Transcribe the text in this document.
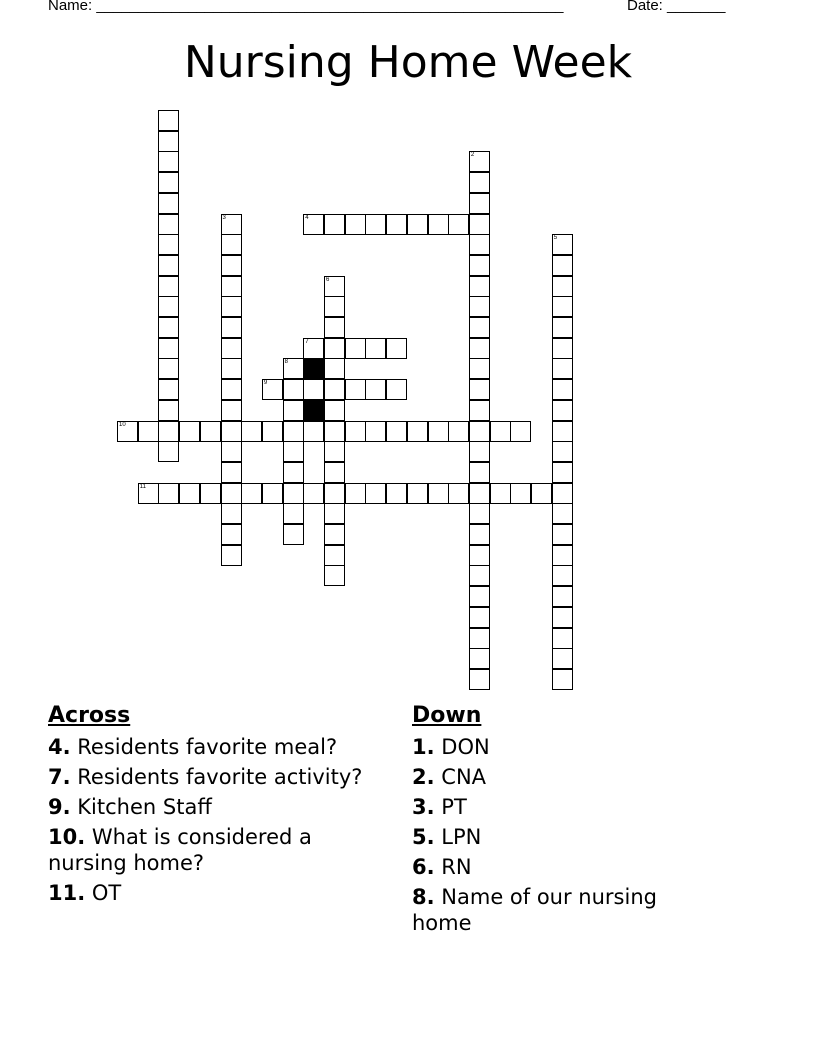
Name: ________________________________________________________	Date: _______
Nursing Home Week
2
3
5
6
8
4
7
9
10
11
Across
4. Residents favorite meal?
7. Residents favorite activity?
9. Kitchen Staff
10. What is considered a nursing home?
11. OT
Down
1. DON
2. CNA
3. PT
5. LPN
6. RN
8. Name of our nursing home
